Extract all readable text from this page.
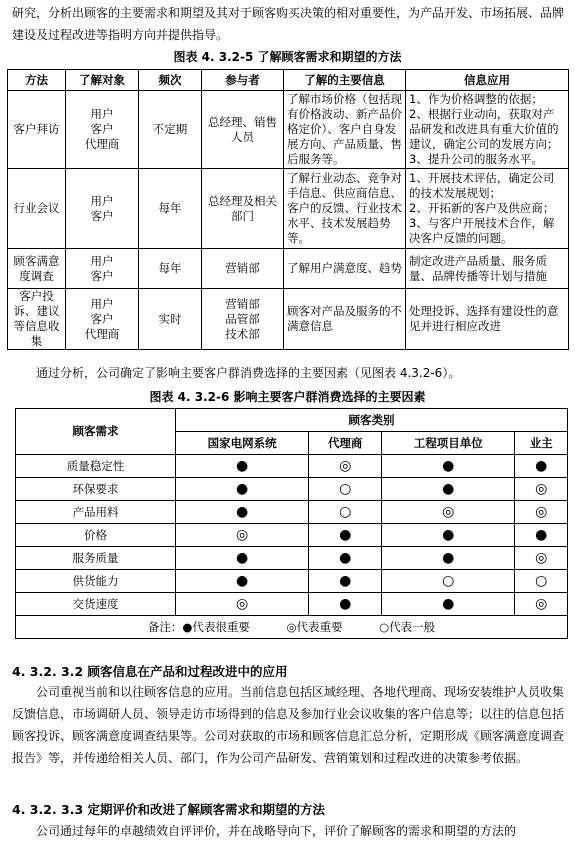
研究，分析出顾客的主要需求和期望及其对于顾客购买决策的相对重要性，为产品开发、市场拓展、品牌建设及过程改进等指明方向并提供指导。

图表 4. 3.2-5 了解顾客需求和期望的方法
方法	了解对象	频次	参与者	了解的主要信息	信息应用
客户拜访	用户
客户
代理商	不定期	总经理、销售人员	了解市场价格（包括现有价格波动、新产品价格定价）、客户自身发展方向、产品质量、售后服务等。	1、作为价格调整的依据；
2、根据行业动向，获取对产品研发和改进具有重大价值的建议，确定公司的发展方向；
3、提升公司的服务水平。
行业会议	用户
客户	每年	总经理及相关部门	了解行业动态、竞争对手信息、供应商信息、客户的反馈、行业技术水平、技术发展趋势等。	1、开展技术评估，确定公司的技术发展规划；
2、开拓新的客户及供应商；
3、与客户开展技术合作，解决客户反馈的问题。
顾客满意度调查	用户
客户	每年	营销部	了解用户满意度、趋势	制定改进产品质量、服务质量、品牌传播等计划与措施
客户投诉、建议等信息收集	用户
客户
代理商	实时	营销部
品管部
技术部	顾客对产品及服务的不满意信息	处理投诉、选择有建设性的意见并进行相应改进

通过分析，公司确定了影响主要客户群消费选择的主要因素（见图表 4.3.2-6）。

图表 4. 3.2-6 影响主要客户群消费选择的主要因素
顾客需求	顾客类别			
	国家电网系统	代理商	工程项目单位	业主
质量稳定性	●	◎	●	●
环保要求	●	○	●	◎
产品用料	●	○	◎	◎
价格	◎	●	●	●
服务质量	●	●	●	◎
供货能力	●	●	○	○
交货速度	◎	●	●	◎
备注：●代表很重要          ◎代表重要          ○代表一般				
4. 3.2. 3.2 顾客信息在产品和过程改进中的应用

公司重视当前和以往顾客信息的应用。当前信息包括区域经理、各地代理商、现场安装维护人员收集反馈信息，市场调研人员、领导走访市场得到的信息及参加行业会议收集的客户信息等；以往的信息包括顾客投诉、顾客满意度调查结果等。公司对获取的市场和顾客信息汇总分析，定期形成《顾客满意度调查报告》等，并传递给相关人员、部门，作为公司产品研发、营销策划和过程改进的决策参考依据。

4. 3.2. 3.3 定期评价和改进了解顾客需求和期望的方法

公司通过每年的卓越绩效自评评价，并在战略导向下，评价了解顾客的需求和期望的方法的
